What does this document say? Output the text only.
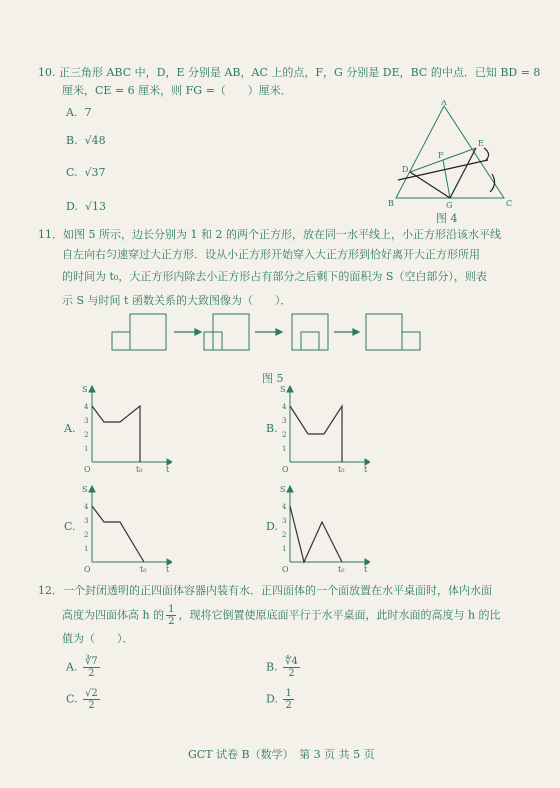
10. 正三角形 ABC 中，D，E 分别是 AB，AC 上的点，F，G 分别是 DE，BC 的中点．已知 BD = 8
厘米，CE = 6 厘米，则 FG =（　　）厘米．
A. 7
B. √48
C. √37
D. √13
A
B	C
D
E
F
G
图 4
11．如图 5 所示，边长分别为 1 和 2 的两个正方形，放在同一水平线上，小正方形沿该水平线
自左向右匀速穿过大正方形．设从小正方形开始穿入大正方形到恰好离开大正方形所用
的时间为 t₀，大正方形内除去小正方形占有部分之后剩下的面积为 S（空白部分），则表
示 S 与时间 t 函数关系的大致图像为（　　）．
图 5
A.
S
t
O	t₀
4
3
2
1
B.
S
t
O	t₀
4
3
2
1
C.
S
t
O	t₀
4
3
2
1
D.
S
t
O	t₀
4
3
2
1
12．一个封闭透明的正四面体容器内装有水．正四面体的一个面放置在水平桌面时，体内水面
高度为四面体高 h 的 $\frac{1}{2}$ ，现将它倒置使原底面平行于水平桌面，此时水面的高度与 h 的比
值为（　　）．
A. $\frac{∛7}{2}$	B. $\frac{∜4}{2}$
C. $\frac{√2}{2}$	D. $\frac{1}{2}$
GCT 试卷 B（数学）　第 3 页 共 5 页
